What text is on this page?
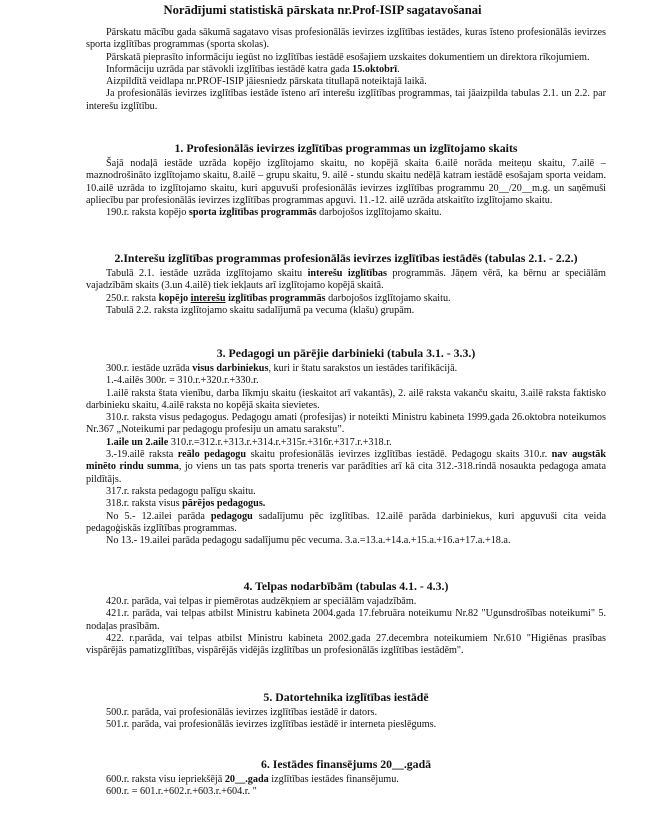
Norādījumi statistiskā pārskata nr.Prof-ISIP sagatavošanai

Pārskatu mācību gada sākumā sagatavo visas profesionālās ievirzes izglītības iestādes, kuras īsteno profesionālās ievirzes sporta izglītības programmas (sporta skolas).

Pārskatā pieprasīto informāciju iegūst no izglītības iestādē esošajiem uzskaites dokumentiem un direktora rīkojumiem.

Informāciju uzrāda par stāvokli izglītības iestādē katra gada 15.oktobrī.

Aizpildītā veidlapa nr.PROF-ISIP jāiesniedz pārskata titullapā noteiktajā laikā.

Ja profesionālās ievirzes izglītības iestāde īsteno arī interešu izglītības programmas, tai jāaizpilda tabulas 2.1. un 2.2. par interešu izglītību.

1. Profesionālās ievirzes izglītības programmas un izglītojamo skaits

Šajā nodaļā iestāde uzrāda kopējo izglītojamo skaitu, no kopējā skaita 6.ailē norāda meiteņu skaitu, 7.ailē – maznodrošināto izglītojamo skaitu, 8.ailē – grupu skaitu, 9. ailē - stundu skaitu nedēļā katram iestādē esošajam sporta veidam. 10.ailē uzrāda to izglītojamo skaitu, kuri apguvuši profesionālās ievirzes izglītības programmu 20__/20__m.g. un saņēmuši apliecību par profesionālās ievirzes izglītības programmas apguvi. 11.-12. ailē uzrāda atskaitīto izglītojamo skaitu.

190.r. raksta kopējo sporta izglītības programmās darbojošos izglītojamo skaitu.

2.Interešu izglītības programmas profesionālās ievirzes izglītības iestādēs (tabulas 2.1. - 2.2.)

Tabulā 2.1. iestāde uzrāda izglītojamo skaitu interešu izglītības programmās. Jāņem vērā, ka bērnu ar speciālām vajadzībām skaits (3.un 4.ailē) tiek iekļauts arī izglītojamo kopējā skaitā.

250.r. raksta kopējo interešu izglītības programmās darbojošos izglītojamo skaitu.

Tabulā 2.2. raksta izglītojamo skaitu sadalījumā pa vecuma (klašu) grupām.

3. Pedagogi un pārējie darbinieki (tabula 3.1. - 3.3.)

300.r. iestāde uzrāda visus darbiniekus, kuri ir štatu sarakstos un iestādes tarifikācijā.

1.-4.ailēs 300r. = 310.r.+320.r.+330.r.

1.ailē raksta štata vienību, darba līkmju skaitu (ieskaitot arī vakantās), 2. ailē raksta vakanču skaitu, 3.ailē raksta faktisko darbinieku skaitu, 4.ailē raksta no kopējā skaita sievietes.

310.r. raksta visus pedagogus. Pedagogu amati (profesijas) ir noteikti Ministru kabineta 1999.gada 26.oktobra noteikumos Nr.367 „Noteikumi par pedagogu profesiju un amatu sarakstu”.

1.aile un 2.aile 310.r.=312.r.+313.r.+314.r.+315r.+316r.+317.r.+318.r.

3.-19.ailē raksta reālo pedagogu skaitu profesionālās ievirzes izglītības iestādē. Pedagogu skaits 310.r. nav augstāk minēto rindu summa, jo viens un tas pats sporta treneris var parādīties arī kā cita 312.-318.rindā nosaukta pedagoga amata pildītājs.

317.r. raksta pedagogu palīgu skaitu.

318.r. raksta visus pārējos pedagogus.

No 5.- 12.ailei parāda pedagogu sadalījumu pēc izglītības. 12.ailē parāda darbiniekus, kuri apguvuši cita veida pedagoģiskās izglītības programmas.

No 13.- 19.ailei parāda pedagogu sadalījumu pēc vecuma. 3.a.=13.a.+14.a.+15.a.+16.a+17.a.+18.a.

4. Telpas nodarbībām (tabulas 4.1. - 4.3.)

420.r. parāda, vai telpas ir piemērotas audzēkņiem ar speciālām vajadzībām.

421.r. parāda, vai telpas atbilst Ministru kabineta 2004.gada 17.februāra noteikumu Nr.82 "Ugunsdrošības noteikumi" 5. nodaļas prasībām.

422. r.parāda, vai telpas atbilst Ministru kabineta 2002.gada 27.decembra noteikumiem Nr.610 "Higiēnas prasības vispārējās pamatizglītības, vispārējās vidējās izglītības un profesionālās izglītības iestādēm".

5. Datortehnika izglītības iestādē

500.r. parāda, vai profesionālās ievirzes izglītības iestādē ir dators.

501.r. parāda, vai profesionālās ievirzes izglītības iestādē ir interneta pieslēgums.

6. Iestādes finansējums 20__.gadā

600.r. raksta visu iepriekšējā 20__.gada izglītības iestādes finansējumu.

600.r. = 601.r.+602.r.+603.r.+604.r. "
